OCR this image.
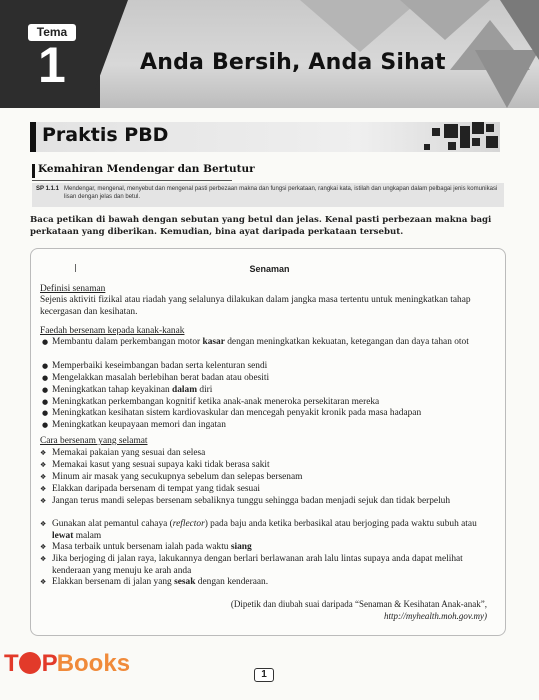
Tema
1	Anda Bersih, Anda Sihat
Praktis PBD
Kemahiran Mendengar dan Bertutur
SP 1.1.1 Mendengar, mengenal, menyebut dan mengenal pasti perbezaan makna dan fungsi perkataan, rangkai kata, istilah dan ungkapan dalam pelbagai jenis komunikasi lisan dengan jelas dan betul.
Baca petikan di bawah dengan sebutan yang betul dan jelas. Kenal pasti perbezaan makna bagi perkataan yang diberikan. Kemudian, bina ayat daripada perkataan tersebut.
Senaman
Definisi senaman
Sejenis aktiviti fizikal atau riadah yang selalunya dilakukan dalam jangka masa tertentu untuk meningkatkan tahap kecergasan dan kesihatan.
Faedah bersenam kepada kanak-kanak
● Membantu dalam perkembangan motor kasar dengan meningkatkan kekuatan, ketegangan dan daya tahan otot
● Memperbaiki keseimbangan badan serta kelenturan sendi
● Mengelakkan masalah berlebihan berat badan atau obesiti
● Meningkatkan tahap keyakinan dalam diri
● Meningkatkan perkembangan kognitif ketika anak-anak meneroka persekitaran mereka
● Meningkatkan kesihatan sistem kardiovaskular dan mencegah penyakit kronik pada masa hadapan
● Meningkatkan keupayaan memori dan ingatan
Cara bersenam yang selamat
❖ Memakai pakaian yang sesuai dan selesa
❖ Memakai kasut yang sesuai supaya kaki tidak berasa sakit
❖ Minum air masak yang secukupnya sebelum dan selepas bersenam
❖ Elakkan daripada bersenam di tempat yang tidak sesuai
❖ Jangan terus mandi selepas bersenam sebaliknya tunggu sehingga badan menjadi sejuk dan tidak berpeluh
❖ Gunakan alat pemantul cahaya (reflector) pada baju anda ketika berbasikal atau berjoging pada waktu subuh atau lewat malam
❖ Masa terbaik untuk bersenam ialah pada waktu siang
❖ Jika berjoging di jalan raya, lakukannya dengan berlari berlawanan arah lalu lintas supaya anda dapat melihat kenderaan yang menuju ke arah anda
❖ Elakkan bersenam di jalan yang sesak dengan kenderaan.
(Dipetik dan diubah suai daripada “Senaman & Kesihatan Anak-anak”,
http://myhealth.moh.gov.my)
1
T PBooks
